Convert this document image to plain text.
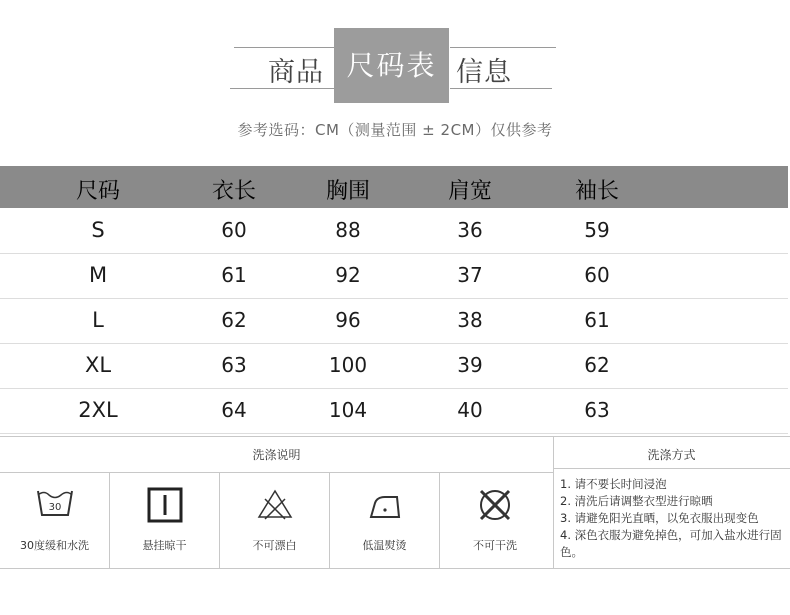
商品 尺码表 信息
参考选码：CM（测量范围 ± 2CM）仅供参考
尺码	衣长	胸围	肩宽	袖长
S	60	88	36	59
M	61	92	37	60
L	62	96	38	61
XL	63	100	39	62
2XL	64	104	40	63
洗涤说明	洗涤方式
30
30度缓和水洗	悬挂晾干	不可漂白	低温熨烫	不可干洗
1. 请不要长时间浸泡
2. 清洗后请调整衣型进行晾晒
3. 请避免阳光直晒，以免衣服出现变色
4. 深色衣服为避免掉色，可加入盐水进行固色。
